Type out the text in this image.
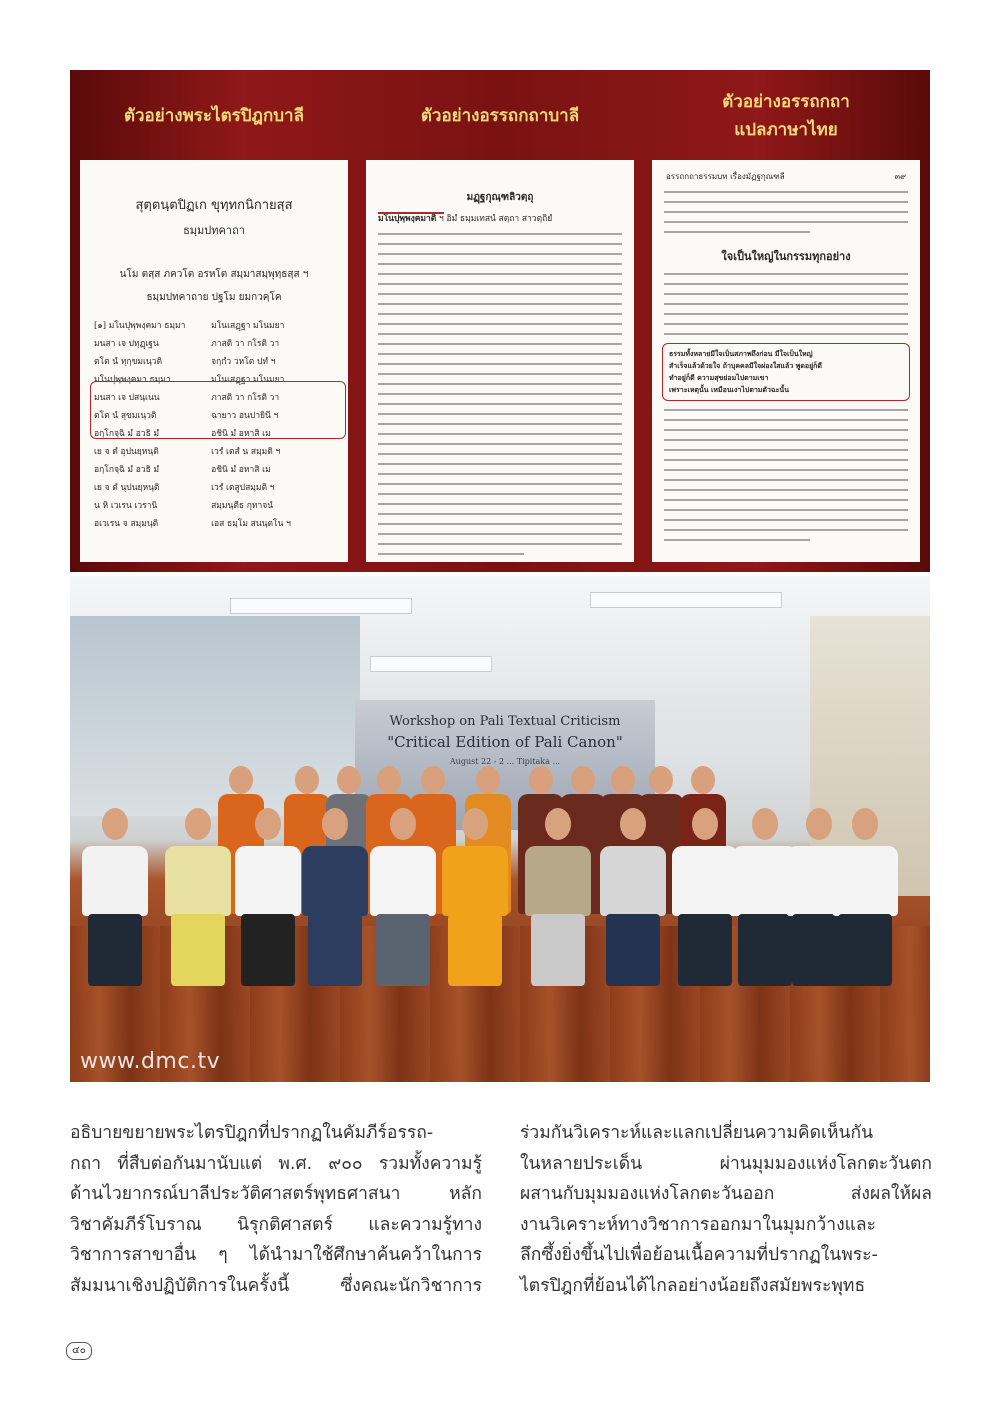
ตัวอย่างพระไตรปิฎกบาลี
สุตฺตนฺตปิฏเก ขุทฺทกนิกายสฺส
ธมฺมปทคาถา
นโม ตสฺส ภควโต อรหโต สมฺมาสมฺพุทฺธสฺส ฯ
ธมฺมปทคาถาย ปฐโม ยมกวคฺโค
[๑] มโนปุพฺพงฺคมา ธมฺมา	มโนเสฏฺฐา มโนมยา
มนสา เจ ปทุฏฺเฐน	ภาสติ วา กโรติ วา
ตโต นํ ทุกฺขมเนฺวติ	จกฺกํว วหโต ปทํ ฯ
มโนปุพฺพงฺคมา ธมฺมา	มโนเสฏฺฐา มโนมยา
มนสา เจ ปสนฺเนน	ภาสติ วา กโรติ วา
ตโต นํ สุขมเนฺวติ	ฉายาว อนปายินี ฯ
อกฺโกจฺฉิ มํ อวธิ มํ	อชินิ มํ อหาสิ เม
เย จ ตํ อุปนยฺหนฺติ	เวรํ เตสํ น สมฺมติ ฯ
อกฺโกจฺฉิ มํ อวธิ มํ	อชินิ มํ อหาสิ เม
เย จ ตํ นุปนยฺหนฺติ	เวรํ เตสูปสมฺมติ ฯ
น หิ เวเรน เวรานิ	สมฺมนฺตีธ กุทาจนํ
อเวเรน จ สมฺมนฺติ	เอส ธมฺโม สนนฺตโน ฯ
ตัวอย่างอรรถกถาบาลี
มฏฺฐกุณฺฑลิวตฺถุ
มโนปุพฺพงฺคมาติ ฯ อิมํ ธมฺมเทสนํ สตฺถา สาวตฺถิยํ
ตัวอย่างอรรถกถา
แปลภาษาไทย
อรรถกถาธรรมบท เรื่องมัฏฐกุณฑลี	๓๙
ใจเป็นใหญ่ในกรรมทุกอย่าง
ธรรมทั้งหลายมีใจเป็นสภาพถึงก่อน มีใจเป็นใหญ่
สำเร็จแล้วด้วยใจ ถ้าบุคคลมีใจผ่องใสแล้ว พูดอยู่ก็ดี
ทำอยู่ก็ดี ความสุขย่อมไปตามเขา
เพราะเหตุนั้น เหมือนเงาไปตามตัวฉะนั้น
Workshop on Pali Textual Criticism
"Critical Edition of Pali Canon"
August 22 - 2 ... Tipitaka ...
www.dmc.tv

อธิบายขยายพระไตรปิฎกที่ปรากฏในคัมภีร์อรรถ-

กถา ที่สืบต่อกันมานับแต่ พ.ศ. ๙๐๐ รวมทั้งความรู้

ด้านไวยากรณ์บาลีประวัติศาสตร์พุทธศาสนา หลัก

วิชาคัมภีร์โบราณ นิรุกติศาสตร์ และความรู้ทาง

วิชาการสาขาอื่น ๆ ได้นำมาใช้ศึกษาค้นคว้าในการ

สัมมนาเชิงปฏิบัติการในครั้งนี้ ซึ่งคณะนักวิชาการ

ร่วมกันวิเคราะห์และแลกเปลี่ยนความคิดเห็นกัน

ในหลายประเด็น ผ่านมุมมองแห่งโลกตะวันตก

ผสานกับมุมมองแห่งโลกตะวันออก ส่งผลให้ผล

งานวิเคราะห์ทางวิชาการออกมาในมุมกว้างและ

ลึกซึ้งยิ่งขึ้นไปเพื่อย้อนเนื้อความที่ปรากฏในพระ-

ไตรปิฎกที่ย้อนได้ไกลอย่างน้อยถึงสมัยพระพุทธ

๔๐
